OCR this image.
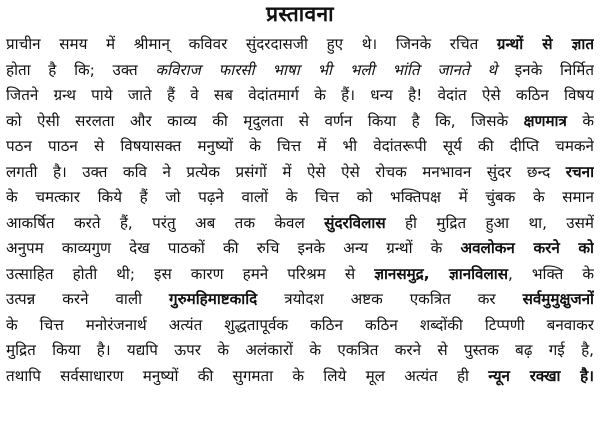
प्रस्तावना
प्राचीन समय में श्रीमान् कविवर सुंदरदासजी हुए थे। जिनके रचित ग्रन्थों से ज्ञात
होता है कि; उक्त कविराज फारसी भाषा भी भली भांति जानते थे इनके निर्मित
जितने ग्रन्थ पाये जाते हैं वे सब वेदांतमार्ग के हैं। धन्य है! वेदांत ऐसे कठिन विषय
को ऐसी सरलता और काव्य की मृदुलता से वर्णन किया है कि, जिसके क्षणमात्र के
पठन पाठन से विषयासक्त मनुष्यों के चित्त में भी वेदांतरूपी सूर्य की दीप्ति चमकने
लगती है। उक्त कवि ने प्रत्येक प्रसंगों में ऐसे ऐसे रोचक मनभावन सुंदर छन्द रचना
के चमत्कार किये हैं जो पढ़ने वालों के चित्त को भक्तिपक्ष में चुंबक के समान
आकर्षित करते हैं, परंतु अब तक केवल सुंदरविलास ही मुद्रित हुआ था, उसमें
अनुपम काव्यगुण देख पाठकों की रुचि इनके अन्य ग्रन्थों के अवलोकन करने को
उत्साहित होती थी; इस कारण हमने परिश्रम से ज्ञानसमुद्र, ज्ञानविलास, भक्ति के
उत्पन्न करने वाली गुरुमहिमाष्टकादि त्रयोदश अष्टक एकत्रित कर सर्वमुमुक्षुजनों
के चित्त मनोरंजनार्थ अत्यंत शुद्धतापूर्वक कठिन कठिन शब्दोंकी टिप्पणी बनवाकर
मुद्रित किया है। यद्यपि ऊपर के अलंकारों के एकत्रित करने से पुस्तक बढ़ गई है,
तथापि सर्वसाधारण मनुष्यों की सुगमता के लिये मूल अत्यंत ही न्यून रक्खा है।
